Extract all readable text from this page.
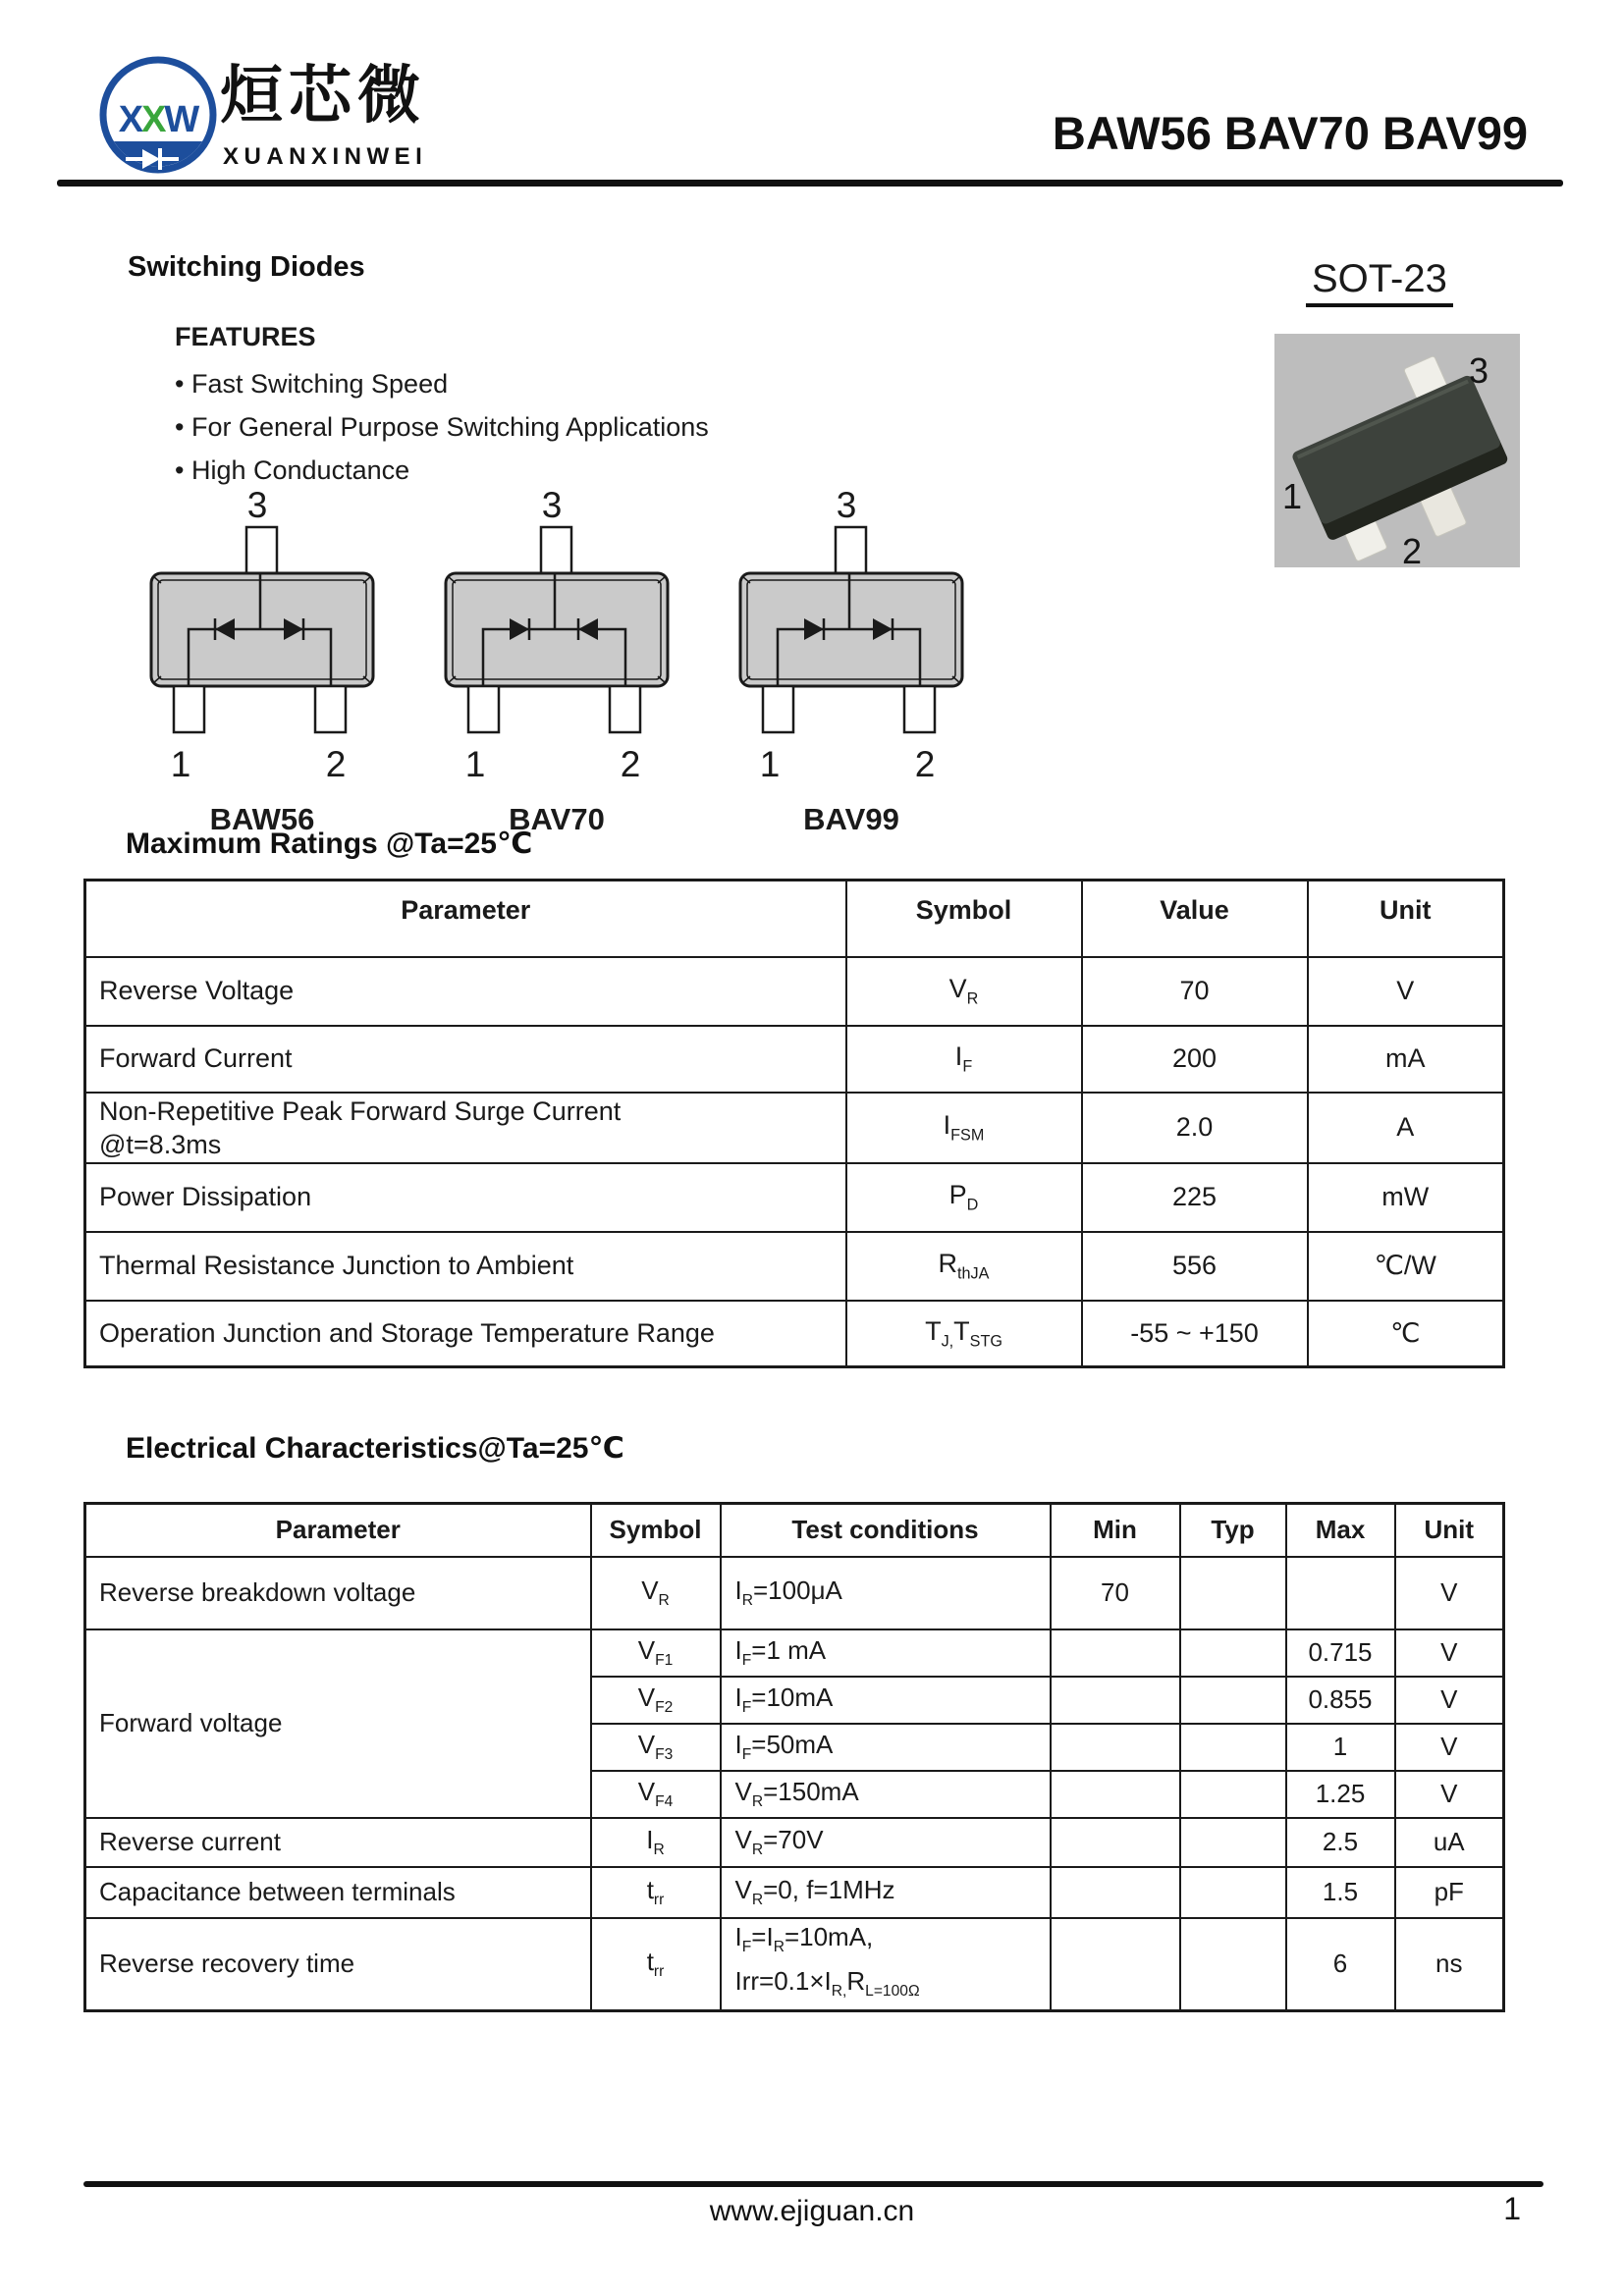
XXW 烜芯微
XUANXINWEI	BAW56 BAV70 BAV99
Switching Diodes	SOT-23
FEATURES
• Fast Switching Speed
• For General Purpose Switching Applications
• High Conductance
3
1
2
3
1	2
BAW56
3
1	2
BAV70
3
1	2
BAV99
Maximum Ratings @Ta=25℃
Parameter	Symbol	Value	Unit
Reverse Voltage	$V_R$	70	V
Forward Current	$I_F$	200	mA

Non-Repetitive Peak Forward Surge Current
@t=8.3ms	$I_{FSM}$	2.0	A
Power Dissipation	$P_D$	225	mW
Thermal Resistance Junction to Ambient	$R_{thJA}$	556	℃/W
Operation Junction and Storage Temperature Range	$T_{J,}T_{STG}$	-55 ~ +150	℃
Electrical Characteristics@Ta=25℃
Parameter	Symbol	Test conditions	Min	Typ	Max	Unit
Reverse breakdown voltage	$V_R$	$I_R=100\mu A$	70			V
Forward voltage	$V_{F1}$	$I_F=1$ mA			0.715	V
	$V_{F2}$	$I_F=10mA$			0.855	V
	$V_{F3}$	$I_F=50mA$			1	V
	$V_{F4}$	$V_R=150mA$			1.25	V
Reverse current	$I_R$	$V_R=70V$			2.5	uA
Capacitance between terminals	$t_{rr}$	$V_R=0$, f=1MHz			1.5	pF
Reverse recovery time	$t_{rr}$	$I_F=I_R=10mA$,
$Irr=0.1\times I_{R,}R_{L=100\Omega}$			6	ns
www.ejiguan.cn	1
